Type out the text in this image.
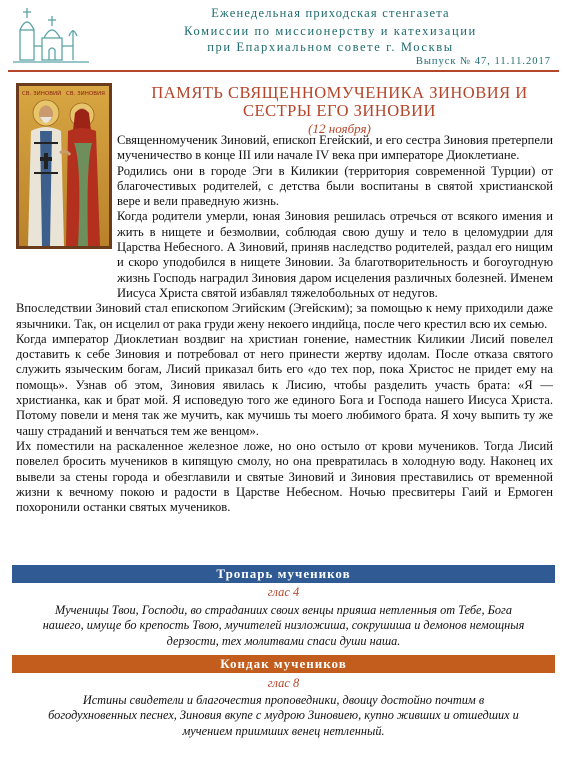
Еженедельная приходская стенгазета
Комиссии по миссионерству и катехизации
при Епархиальном совете г. Москвы
Выпуск № 47, 11.11.2017
ПАМЯТЬ СВЯЩЕННОМУЧЕНИКА ЗИНОВИЯ И СЕСТРЫ ЕГО ЗИНОВИИ
(12 ноября)
СВ. ЗИНОВИЙ СВ. ЗИНОВИЯ

Священномученик Зиновий, епископ Егейский, и его сестра Зиновия претерпели мученичество в конце III или начале IV века при императоре Диоклетиане.

Родились они в городе Эги в Киликии (территория современной Турции) от благочестивых родителей, с детства были воспитаны в святой христианской вере и вели праведную жизнь.

Когда родители умерли, юная Зиновия решилась отречься от всякого имения и жить в нищете и безмолвии, соблюдая свою душу и тело в целомудрии для Царства Небесного. А Зиновий, приняв наследство родителей, раздал его нищим и скоро уподобился в нищете Зиновии. За благотворительность и богоугодную жизнь Господь наградил Зиновия даром исцеления различных болезней. Именем Иисуса Христа святой избавлял тяжелобольных от недугов.

Впоследствии Зиновий стал епископом Эгийским (Эгейским); за помощью к нему приходили даже язычники. Так, он исцелил от рака груди жену некоего индийца, после чего крестил всю их семью.

Когда император Диоклетиан воздвиг на христиан гонение, наместник Киликии Лисий повелел доставить к себе Зиновия и потребовал от него принести жертву идолам. После отказа святого служить языческим богам, Лисий приказал бить его «до тех пор, пока Христос не придет ему на помощь». Узнав об этом, Зиновия явилась к Лисию, чтобы разделить участь брата: «Я — христианка, как и брат мой. Я исповедую того же единого Бога и Господа нашего Иисуса Христа. Потому повели и меня так же мучить, как мучишь ты моего любимого брата. Я хочу выпить ту же чашу страданий и венчаться тем же венцом».

Их поместили на раскаленное железное ложе, но оно остыло от крови мучеников. Тогда Лисий повелел бросить мучеников в кипящую смолу, но она превратилась в холодную воду. Наконец их вывели за стены города и обезглавили и святые Зиновий и Зиновия преставились от временной жизни к вечному покою и радости в Царстве Небесном. Ночью пресвитеры Гаий и Ермоген похоронили останки святых мучеников.

Тропарь мучеников
глас 4
Мученицы Твои, Господи, во страданиих своих венцы прияша нетленныя от Тебе, Бога нашего, имуще бо крепость Твою, мучителей низложиша, сокрушиша и демонов немощныя дерзости, тех молитвами спаси души наша.
Кондак мучеников
глас 8
Истины свидетели и благочестия проповедники, двоицу достойно почтим в богодухновенных песнех, Зиновия вкупе с мудрою Зиновиею, купно живших и отшедших и мучением приимших венец нетленный.
